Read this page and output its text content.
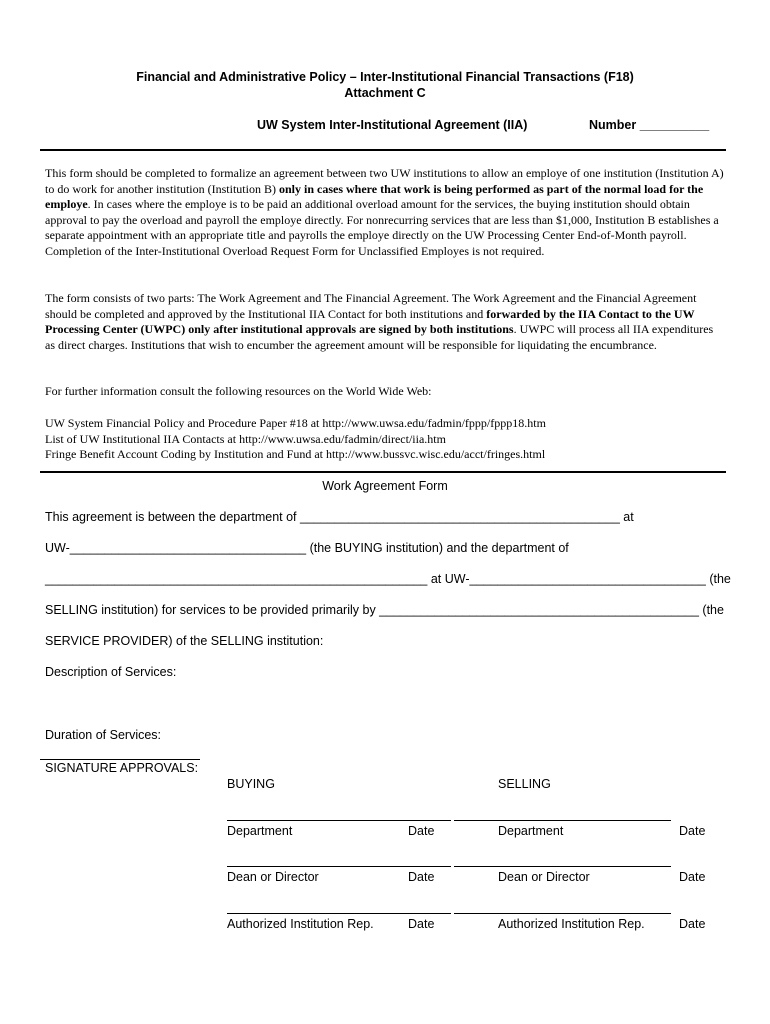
Financial and Administrative Policy – Inter-Institutional Financial Transactions (F18)
Attachment C
UW System Inter-Institutional Agreement (IIA)	Number __________

This form should be completed to formalize an agreement between two UW institutions to allow an employe of one institution (Institution A) to do work for another institution (Institution B) only in cases where that work is being performed as part of the normal load for the employe. In cases where the employe is to be paid an additional overload amount for the services, the buying institution should obtain approval to pay the overload and payroll the employe directly. For nonrecurring services that are less than $1,000, Institution B establishes a separate appointment with an appropriate title and payrolls the employe directly on the UW Processing Center End-of-Month payroll. Completion of the Inter-Institutional Overload Request Form for Unclassified Employes is not required.

The form consists of two parts: The Work Agreement and The Financial Agreement. The Work Agreement and the Financial Agreement should be completed and approved by the Institutional IIA Contact for both institutions and forwarded by the IIA Contact to the UW Processing Center (UWPC) only after institutional approvals are signed by both institutions. UWPC will process all IIA expenditures as direct charges. Institutions that wish to encumber the agreement amount will be responsible for liquidating the encumbrance.

For further information consult the following resources on the World Wide Web:

UW System Financial Policy and Procedure Paper #18 at http://www.uwsa.edu/fadmin/fppp/fppp18.htm

List of UW Institutional IIA Contacts at http://www.uwsa.edu/fadmin/direct/iia.htm

Fringe Benefit Account Coding by Institution and Fund at http://www.bussvc.wisc.edu/acct/fringes.html

Work Agreement Form
This agreement is between the department of ______________________________________________ at
UW-__________________________________ (the BUYING institution) and the department of
_______________________________________________________ at UW-__________________________________ (the
SELLING institution) for services to be provided primarily by ______________________________________________ (the
SERVICE PROVIDER) of the SELLING institution:
Description of Services:
Duration of Services:
SIGNATURE APPROVALS:
BUYING	SELLING
Department	Date	Department	Date
Dean or Director	Date	Dean or Director	Date
Authorized Institution Rep.	Date	Authorized Institution Rep.	Date
